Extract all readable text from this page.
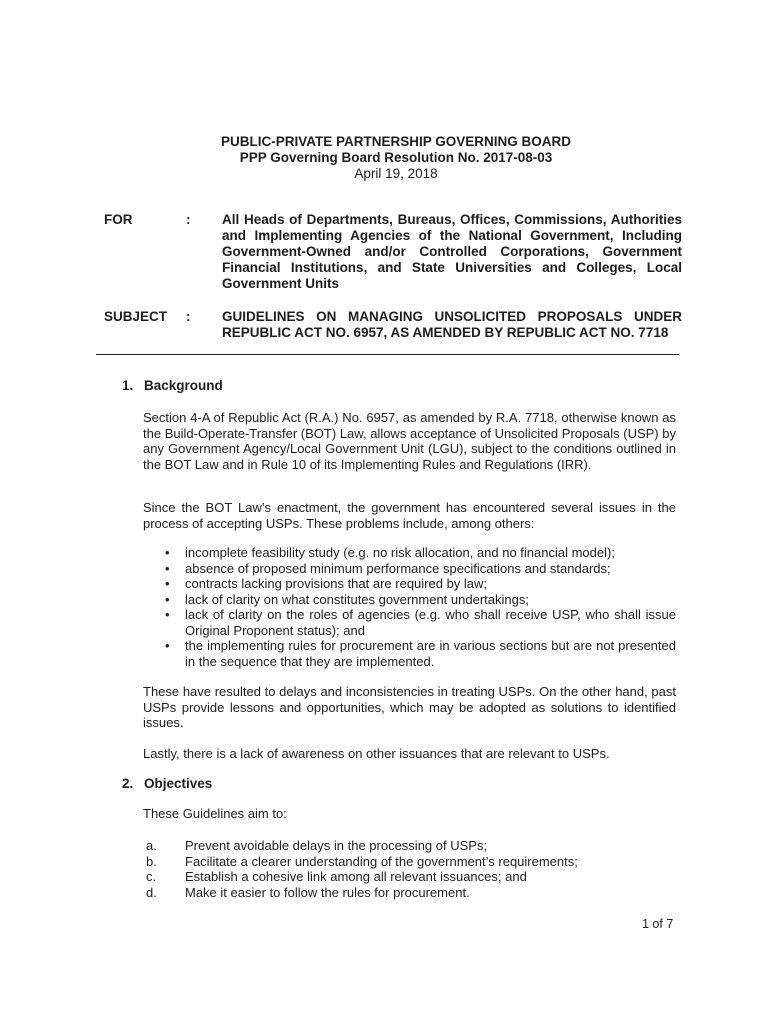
PUBLIC-PRIVATE PARTNERSHIP GOVERNING BOARD
PPP Governing Board Resolution No. 2017-08-03
April 19, 2018
FOR	: All Heads of Departments, Bureaus, Offices, Commissions, Authorities and Implementing Agencies of the National Government, Including Government-Owned and/or Controlled Corporations, Government Financial Institutions, and State Universities and Colleges, Local Government Units
SUBJECT : GUIDELINES ON MANAGING UNSOLICITED PROPOSALS UNDER REPUBLIC ACT NO. 6957, AS AMENDED BY REPUBLIC ACT NO. 7718
1. Background
Section 4-A of Republic Act (R.A.) No. 6957, as amended by R.A. 7718, otherwise known as the Build-Operate-Transfer (BOT) Law, allows acceptance of Unsolicited Proposals (USP) by any Government Agency/Local Government Unit (LGU), subject to the conditions outlined in the BOT Law and in Rule 10 of its Implementing Rules and Regulations (IRR).
Since the BOT Law’s enactment, the government has encountered several issues in the process of accepting USPs. These problems include, among others:
• incomplete feasibility study (e.g. no risk allocation, and no financial model);
• absence of proposed minimum performance specifications and standards;
• contracts lacking provisions that are required by law;
• lack of clarity on what constitutes government undertakings;
• lack of clarity on the roles of agencies (e.g. who shall receive USP, who shall issue Original Proponent status); and
• the implementing rules for procurement are in various sections but are not presented in the sequence that they are implemented.
These have resulted to delays and inconsistencies in treating USPs. On the other hand, past USPs provide lessons and opportunities, which may be adopted as solutions to identified issues.
Lastly, there is a lack of awareness on other issuances that are relevant to USPs.
2. Objectives
These Guidelines aim to:
a. Prevent avoidable delays in the processing of USPs;
b. Facilitate a clearer understanding of the government’s requirements;
c. Establish a cohesive link among all relevant issuances; and
d. Make it easier to follow the rules for procurement.
1 of 7
